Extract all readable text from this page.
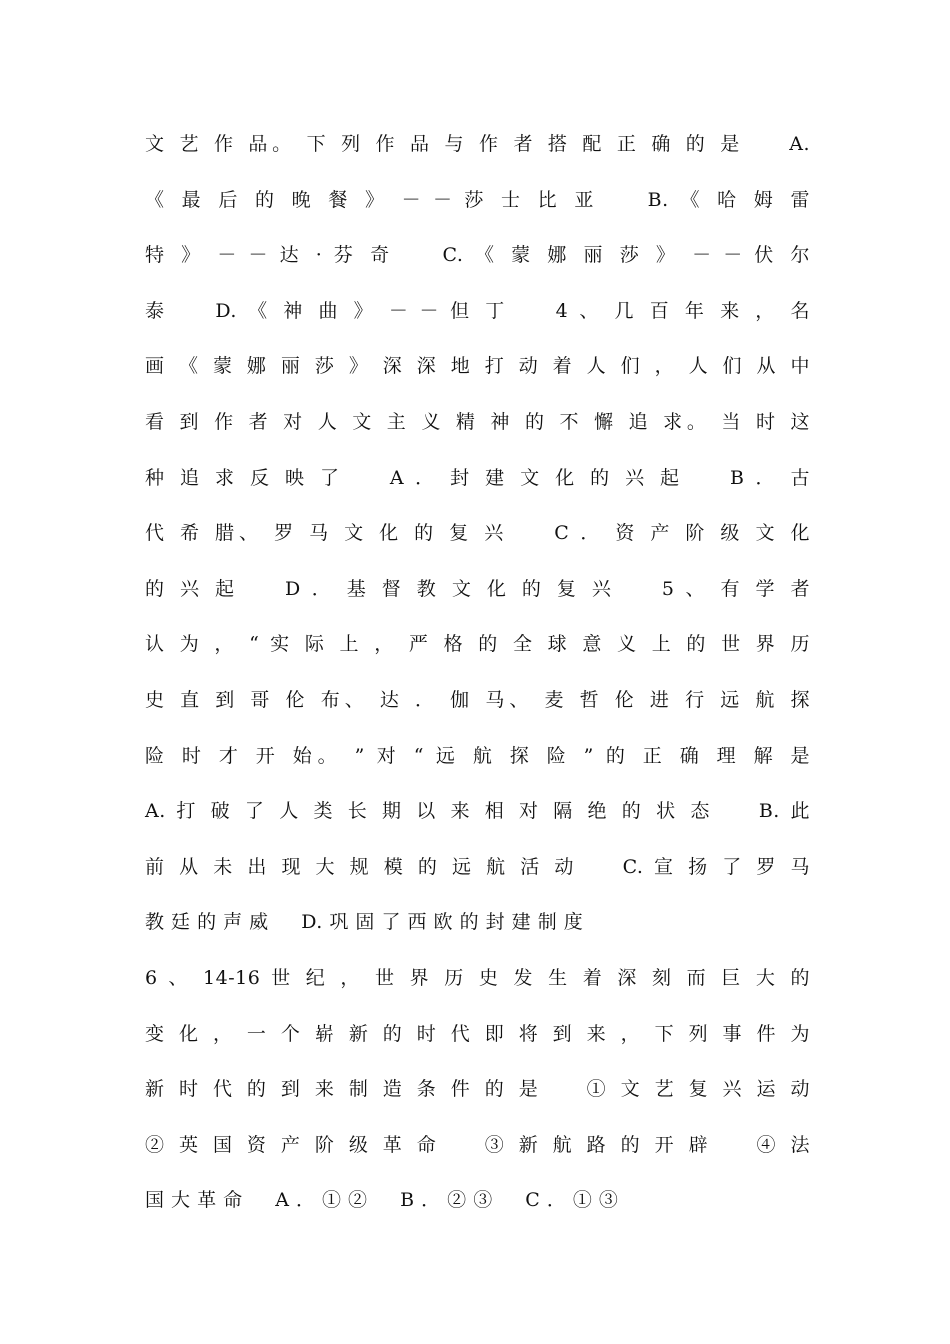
文 艺 作 品。 下 列 作 品 与 作 者 搭 配 正 确 的 是 　 A.
《 最 后 的 晚 餐 》 － － 莎 士 比 亚 　 B. 《 哈 姆 雷
特 》 － － 达 · 芬 奇 　 C. 《 蒙 娜 丽 莎 》 － － 伏 尔
泰 　 D. 《 神 曲 》 － － 但 丁 　 4 、 几 百 年 来 ， 名
画 《 蒙 娜 丽 莎 》 深 深 地 打 动 着 人 们 ， 人 们 从 中
看 到 作 者 对 人 文 主 义 精 神 的 不 懈 追 求。 当 时 这
种 追 求 反 映 了 　 A ． 封 建 文 化 的 兴 起 　 B ． 古
代 希 腊、 罗 马 文 化 的 复 兴 　 C ． 资 产 阶 级 文 化
的 兴 起 　 D ． 基 督 教 文 化 的 复 兴 　 5 、 有 学 者
认 为 ， “ 实 际 上 ， 严 格 的 全 球 意 义 上 的 世 界 历
史 直 到 哥 伦 布、 达 ． 伽 马、 麦 哲 伦 进 行 远 航 探
险 时 才 开 始。 ” 对 “ 远 航 探 险 ” 的 正 确 理 解 是
A. 打 破 了 人 类 长 期 以 来 相 对 隔 绝 的 状 态 　 B. 此
前 从 未 出 现 大 规 模 的 远 航 活 动 　 C. 宣 扬 了 罗 马
教 廷 的 声 威 　 D. 巩 固 了 西 欧 的 封 建 制 度
6 、 14-16 世 纪 ， 世 界 历 史 发 生 着 深 刻 而 巨 大 的
变 化 ， 一 个 崭 新 的 时 代 即 将 到 来 ， 下 列 事 件 为
新 时 代 的 到 来 制 造 条 件 的 是 　 ① 文 艺 复 兴 运 动
② 英 国 资 产 阶 级 革 命 　 ③ 新 航 路 的 开 辟 　 ④ 法
国 大 革 命 　 A ． ① ② 　 B ． ② ③ 　 C ． ① ③
